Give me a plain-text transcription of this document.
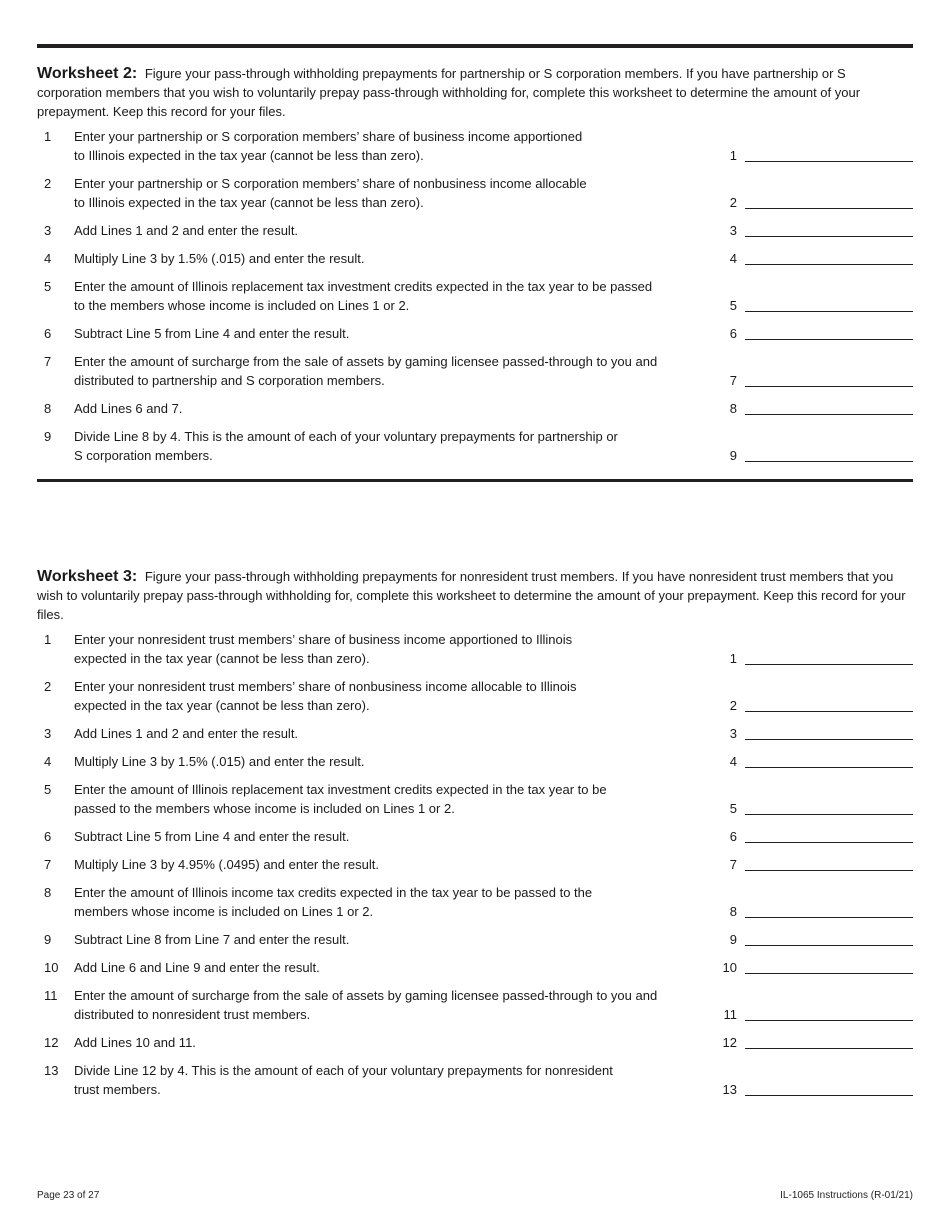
Worksheet 2: Figure your pass-through withholding prepayments for partnership or S corporation members. If you have partnership or S corporation members that you wish to voluntarily prepay pass-through withholding for, complete this worksheet to determine the amount of your prepayment. Keep this record for your files.

1	Enter your partnership or S corporation members’ share of business income apportioned
to Illinois expected in the tax year (cannot be less than zero).	1
2	Enter your partnership or S corporation members’ share of nonbusiness income allocable
to Illinois expected in the tax year (cannot be less than zero).	2
3	Add Lines 1 and 2 and enter the result.	3
4	Multiply Line 3 by 1.5% (.015) and enter the result.	4
5	Enter the amount of Illinois replacement tax investment credits expected in the tax year to be passed
to the members whose income is included on Lines 1 or 2.	5
6	Subtract Line 5 from Line 4 and enter the result.	6
7	Enter the amount of surcharge from the sale of assets by gaming licensee passed-through to you and
distributed to partnership and S corporation members.	7
8	Add Lines 6 and 7.	8
9	Divide Line 8 by 4. This is the amount of each of your voluntary prepayments for partnership or
S corporation members.	9

Worksheet 3: Figure your pass-through withholding prepayments for nonresident trust members. If you have nonresident trust members that you wish to voluntarily prepay pass-through withholding for, complete this worksheet to determine the amount of your prepayment. Keep this record for your files.

1	Enter your nonresident trust members’ share of business income apportioned to Illinois
expected in the tax year (cannot be less than zero).	1
2	Enter your nonresident trust members’ share of nonbusiness income allocable to Illinois
expected in the tax year (cannot be less than zero).	2
3	Add Lines 1 and 2 and enter the result.	3
4	Multiply Line 3 by 1.5% (.015) and enter the result.	4
5	Enter the amount of Illinois replacement tax investment credits expected in the tax year to be
passed to the members whose income is included on Lines 1 or 2.	5
6	Subtract Line 5 from Line 4 and enter the result.	6
7	Multiply Line 3 by 4.95% (.0495) and enter the result.	7
8	Enter the amount of Illinois income tax credits expected in the tax year to be passed to the
members whose income is included on Lines 1 or 2.	8
9	Subtract Line 8 from Line 7 and enter the result.	9
10	Add Line 6 and Line 9 and enter the result.	10
11	Enter the amount of surcharge from the sale of assets by gaming licensee passed-through to you and
distributed to nonresident trust members.	11
12	Add Lines 10 and 11.	12
13	Divide Line 12 by 4. This is the amount of each of your voluntary prepayments for nonresident
trust members.	13
Page 23 of 27	IL-1065 Instructions (R-01/21)
